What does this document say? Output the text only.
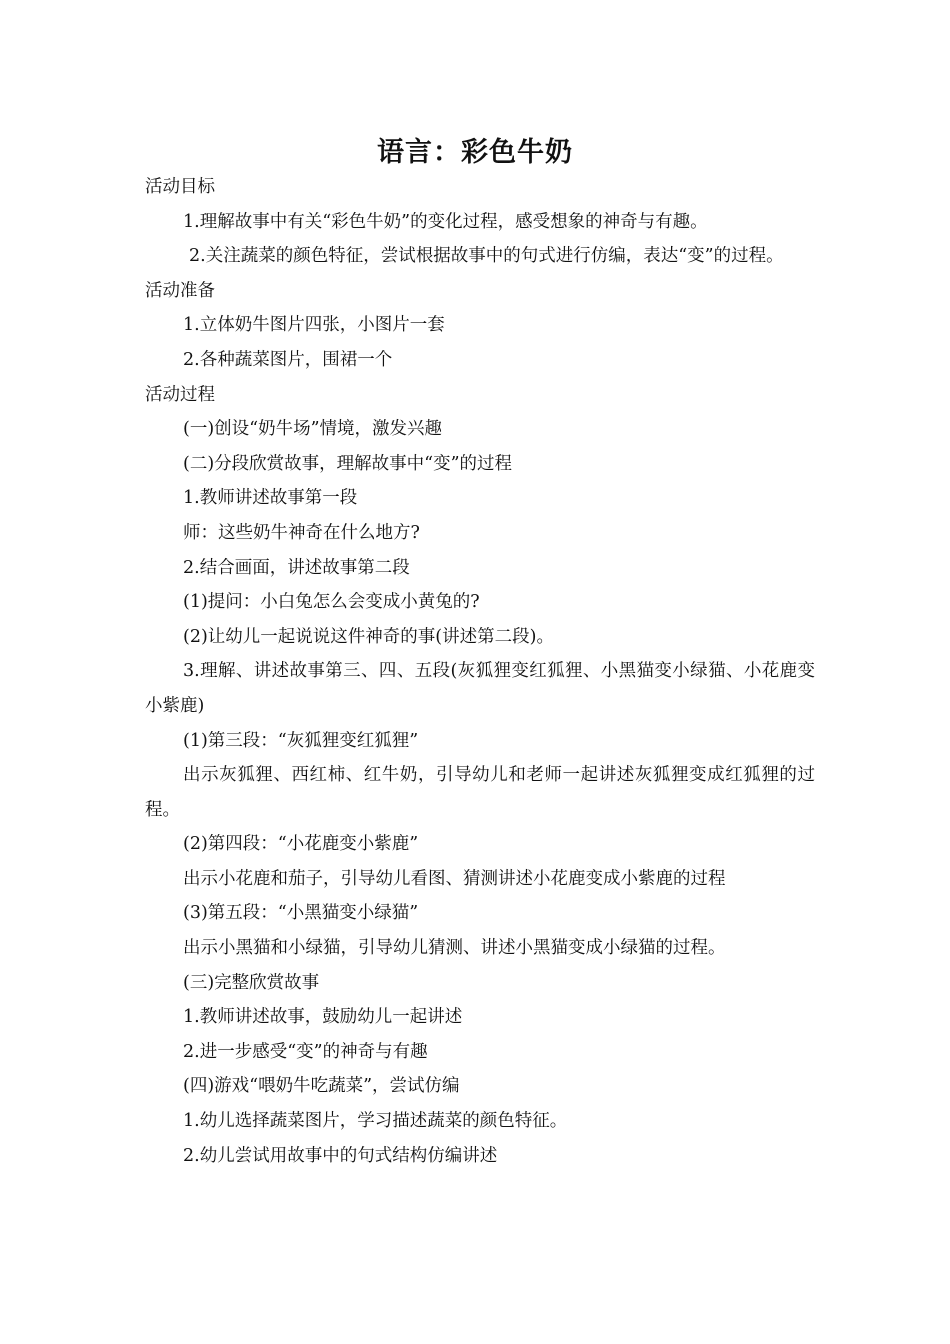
语言：彩色牛奶

活动目标

1.理解故事中有关“彩色牛奶”的变化过程，感受想象的神奇与有趣。

2.关注蔬菜的颜色特征，尝试根据故事中的句式进行仿编，表达“变”的过程。

活动准备

1.立体奶牛图片四张，小图片一套

2.各种蔬菜图片，围裙一个

活动过程

(一)创设“奶牛场”情境，激发兴趣

(二)分段欣赏故事，理解故事中“变”的过程

1.教师讲述故事第一段

师：这些奶牛神奇在什么地方?

2.结合画面，讲述故事第二段

(1)提问：小白兔怎么会变成小黄兔的?

(2)让幼儿一起说说这件神奇的事(讲述第二段)。

3.理解、讲述故事第三、四、五段(灰狐狸变红狐狸、小黑猫变小绿猫、小花鹿变小紫鹿)

(1)第三段：“灰狐狸变红狐狸”

出示灰狐狸、西红柿、红牛奶，引导幼儿和老师一起讲述灰狐狸变成红狐狸的过程。

(2)第四段：“小花鹿变小紫鹿”

出示小花鹿和茄子，引导幼儿看图、猜测讲述小花鹿变成小紫鹿的过程

(3)第五段：“小黑猫变小绿猫”

出示小黑猫和小绿猫，引导幼儿猜测、讲述小黑猫变成小绿猫的过程。

(三)完整欣赏故事

1.教师讲述故事，鼓励幼儿一起讲述

2.进一步感受“变”的神奇与有趣

(四)游戏“喂奶牛吃蔬菜”，尝试仿编

1.幼儿选择蔬菜图片，学习描述蔬菜的颜色特征。

2.幼儿尝试用故事中的句式结构仿编讲述
